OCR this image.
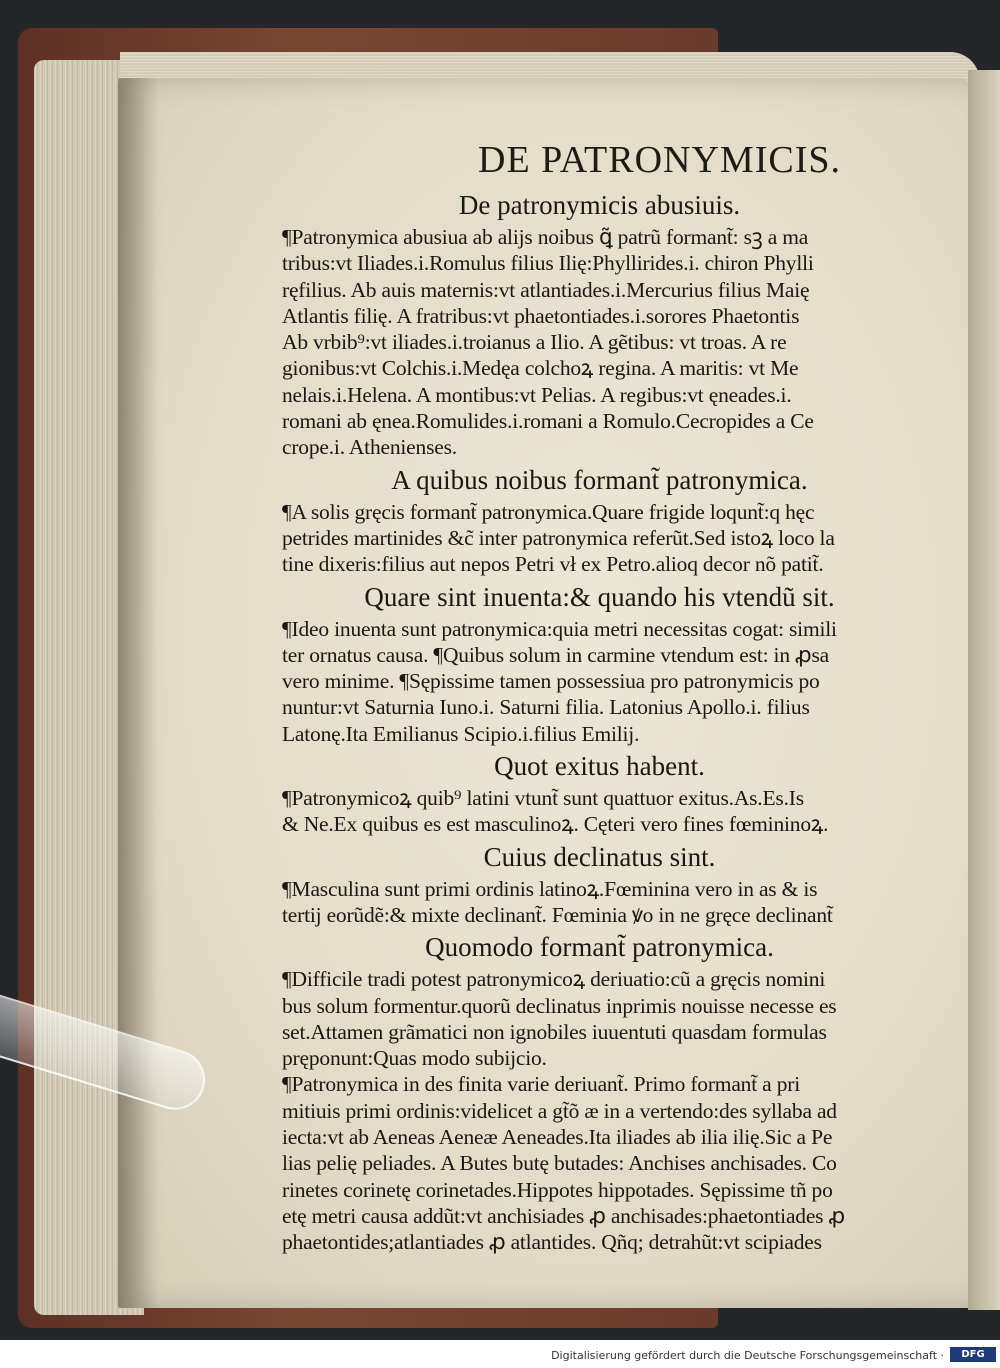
DE PATRONYMICIS.
De patronymicis abusiuis.
¶Patronymica abusiua ab alijs noibus ꝗ̃ patrũ formant̃: sꝫ a ma
tribus:vt Iliades.i.Romulus filius Ilię:Phyllirides.i. chiron Phylli
ręfilius. Ab auis maternis:vt atlantiades.i.Mercurius filius Maię
Atlantis filię. A fratribus:vt phaetontiades.i.sorores Phaetontis
Ab vrbib⁹:vt iliades.i.troianus a Ilio. A gẽtibus: vt troas. A re
gionibus:vt Colchis.i.Medęa colchoꝝ regina. A maritis: vt Me
nelais.i.Helena. A montibus:vt Pelias. A regibus:vt ęneades.i.
romani ab ęnea.Romulides.i.romani a Romulo.Cecropides a Ce
crope.i. Athenienses.
A quibus noibus formant̃ patronymica.
¶A solis gręcis formant̃ patronymica.Quare frigide loqunt̃:q hęc
petrides martinides &c̃ inter patronymica referũt.Sed istoꝝ loco la
tine dixeris:filius aut nepos Petri vł ex Petro.alioq decor nõ patit̃.
Quare sint inuenta:& quando his vtendũ sit.
¶Ideo inuenta sunt patronymica:quia metri necessitas cogat: simili
ter ornatus causa. ¶Quibus solum in carmine vtendum est: in ꝓsa
vero minime. ¶Sępissime tamen possessiua pro patronymicis po
nuntur:vt Saturnia Iuno.i. Saturni filia. Latonius Apollo.i. filius
Latonę.Ita Emilianus Scipio.i.filius Emilij.
Quot exitus habent.
¶Patronymicoꝝ quib⁹ latini vtunt̃ sunt quattuor exitus.As.Es.Is
& Ne.Ex quibus es est masculinoꝝ. Cęteri vero fines fœmininoꝝ.
Cuius declinatus sint.
¶Masculina sunt primi ordinis latinoꝝ.Fœminina vero in as & is
tertij eorũdẽ:& mixte declinant̃. Fœminia ꝟo in ne gręce declinant̃
Quomodo formant̃ patronymica.
¶Difficile tradi potest patronymicoꝝ deriuatio:cũ a gręcis nomini
bus solum formentur.quorũ declinatus inprimis nouisse necesse es
set.Attamen grãmatici non ignobiles iuuentuti quasdam formulas
pręponunt:Quas modo subijcio.
¶Patronymica in des finita varie deriuant̃. Primo formant̃ a pri
mitiuis primi ordinis:videlicet a gt̃õ æ in a vertendo:des syllaba ad
iecta:vt ab Aeneas Aeneæ Aeneades.Ita iliades ab ilia ilię.Sic a Pe
lias pelię peliades. A Butes butę butades: Anchises anchisades. Co
rinetes corinetę corinetades.Hippotes hippotades. Sępissime tñ po
etę metri causa addũt:vt anchisiades ꝓ anchisades:phaetontiades ꝓ
phaetontides;atlantiades ꝓ atlantides. Qñq; detrahũt:vt scipiades
Digitalisierung gefördert durch die Deutsche Forschungsgemeinschaft ·	DFG
